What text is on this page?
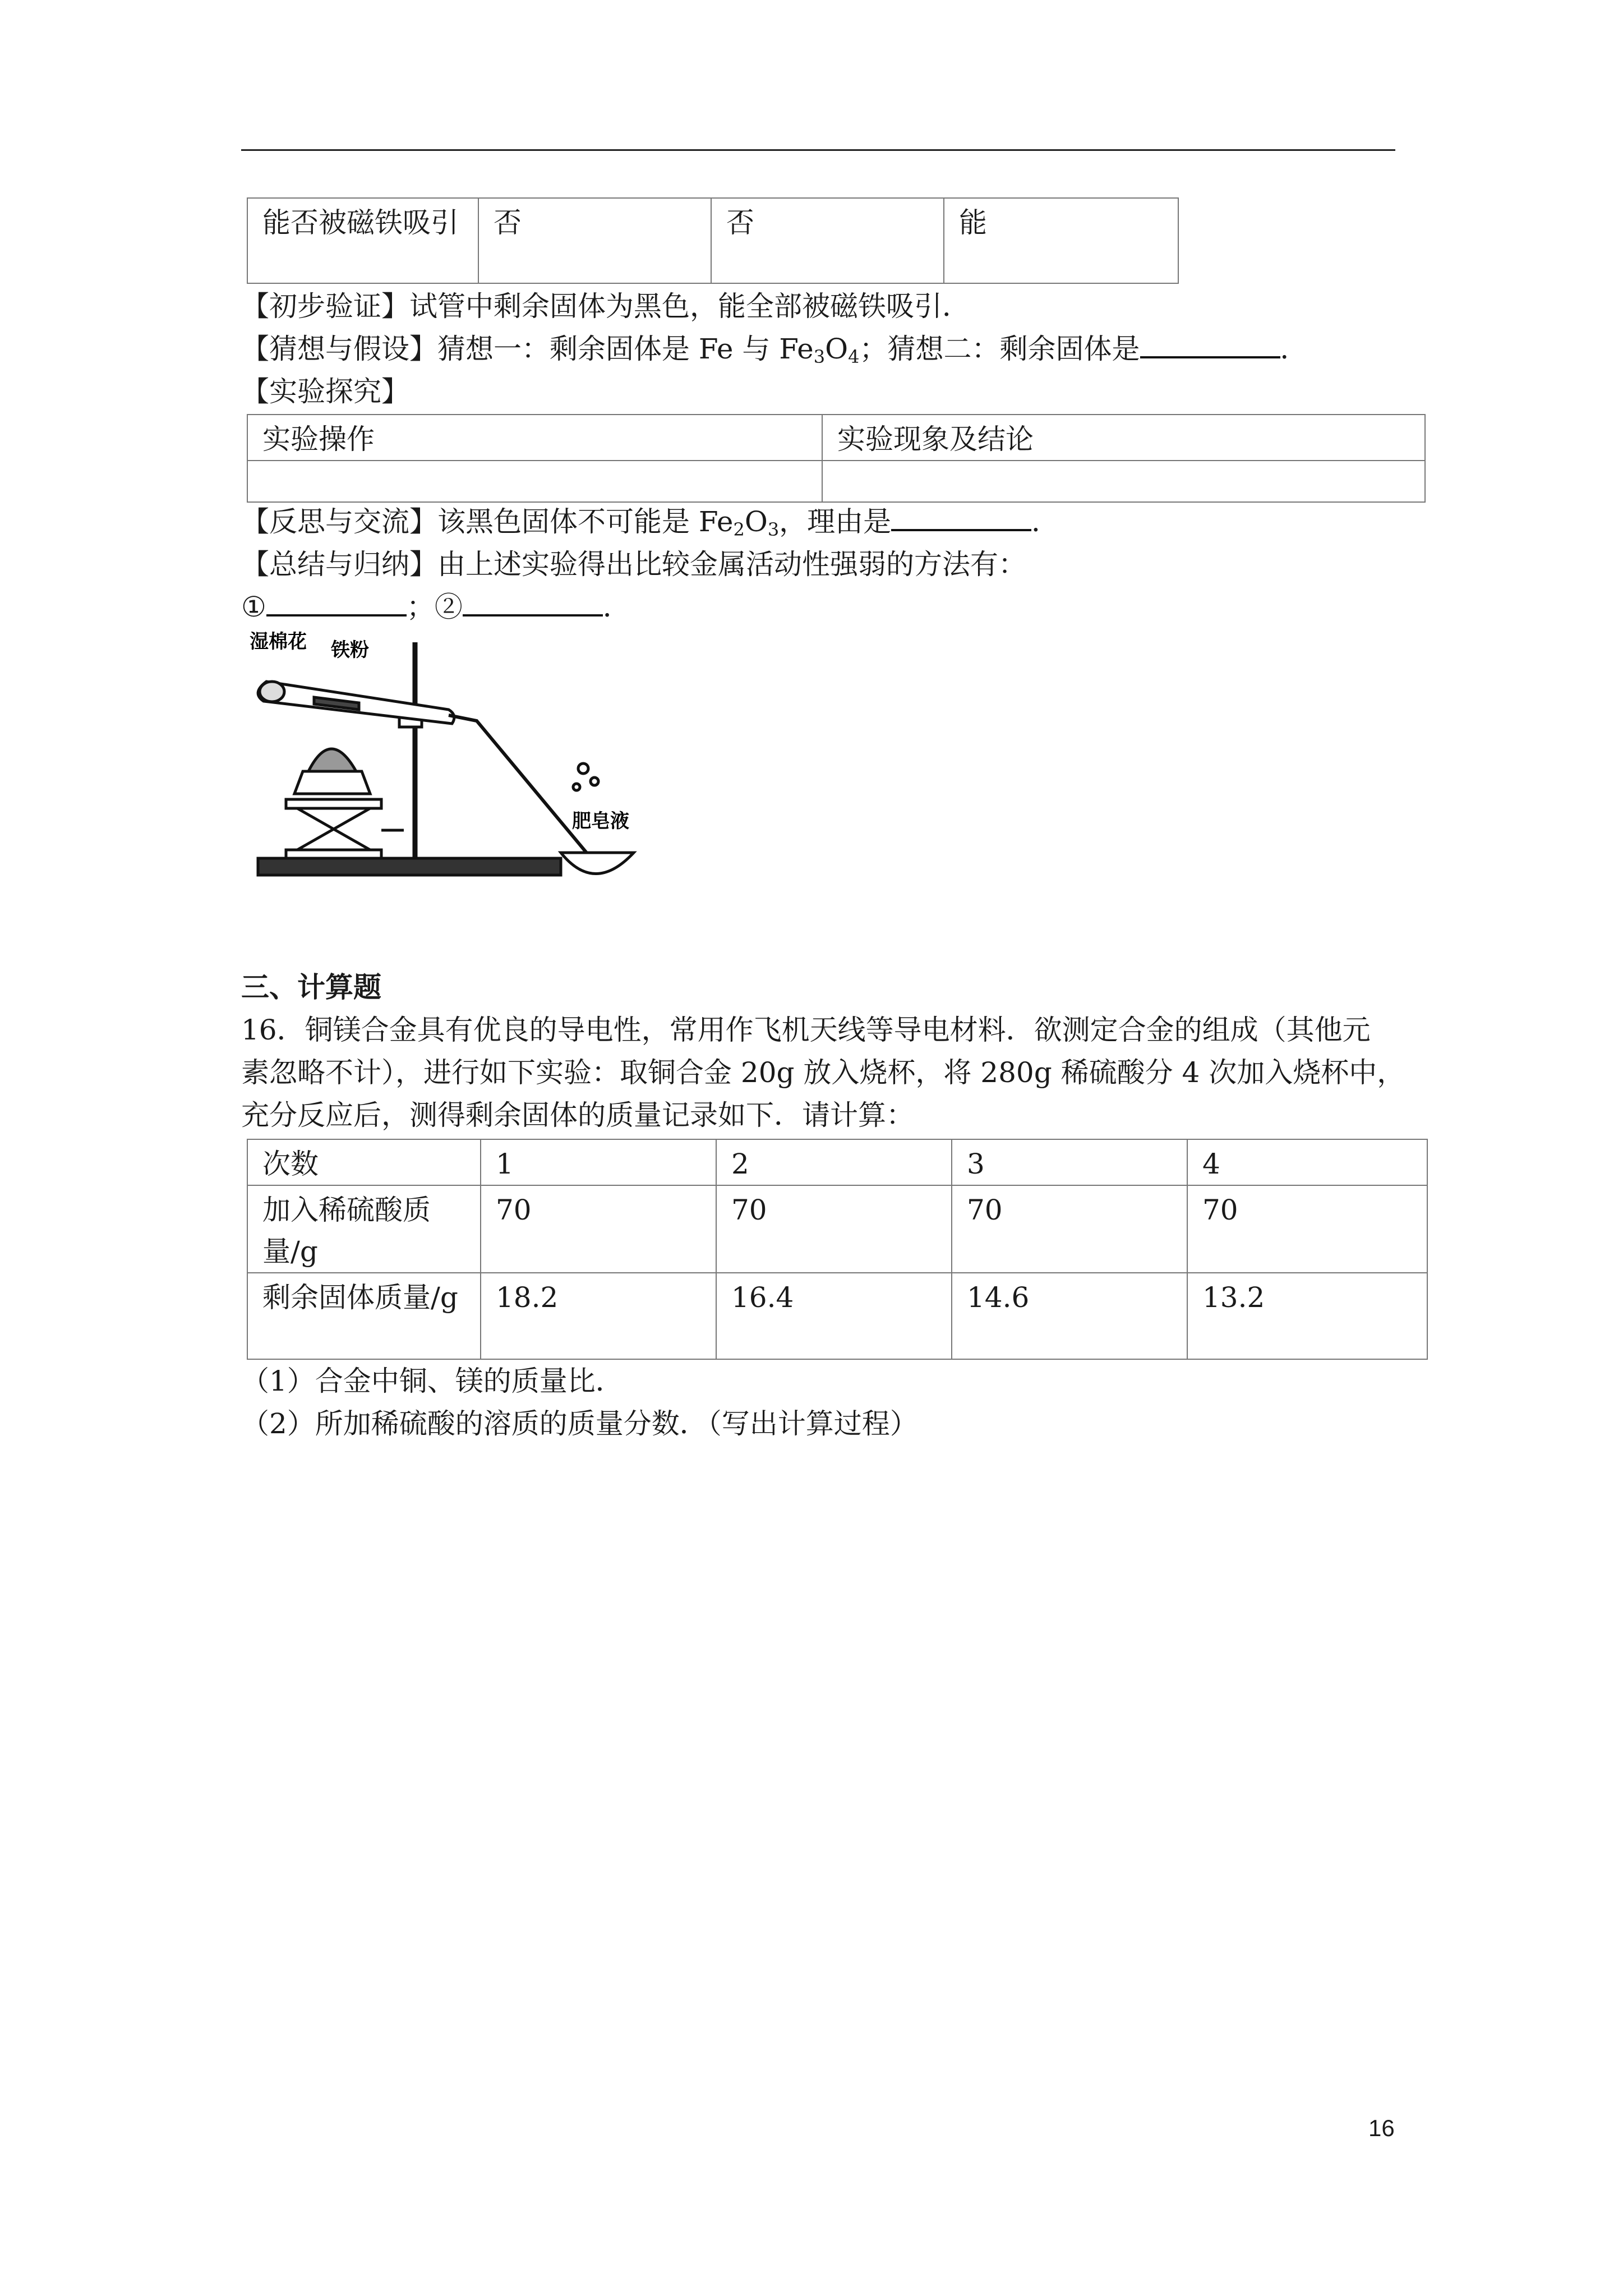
能否被磁铁吸引	否	否	能
【初步验证】试管中剩余固体为黑色，能全部被磁铁吸引．
【猜想与假设】猜想一：剩余固体是 Fe 与 $Fe_3O_4$；猜想二：剩余固体是	．
【实验探究】
实验操作	实验现象及结论

【反思与交流】该黑色固体不可能是 $Fe_2O_3$，理由是	．
【总结与归纳】由上述实验得出比较金属活动性强弱的方法有：
①	；②	．
湿棉花 铁粉
肥皂液
三、计算题
16．铜镁合金具有优良的导电性，常用作飞机天线等导电材料．欲测定合金的组成（其他元
素忽略不计），进行如下实验：取铜合金 20g 放入烧杯，将 280g 稀硫酸分 4 次加入烧杯中，
充分反应后，测得剩余固体的质量记录如下．请计算：
次数	1	2	3	4
加入稀硫酸质量/g	70	70	70	70
剩余固体质量/g	18.2	16.4	14.6	13.2
（1）合金中铜、镁的质量比．
（2）所加稀硫酸的溶质的质量分数．（写出计算过程）
16
